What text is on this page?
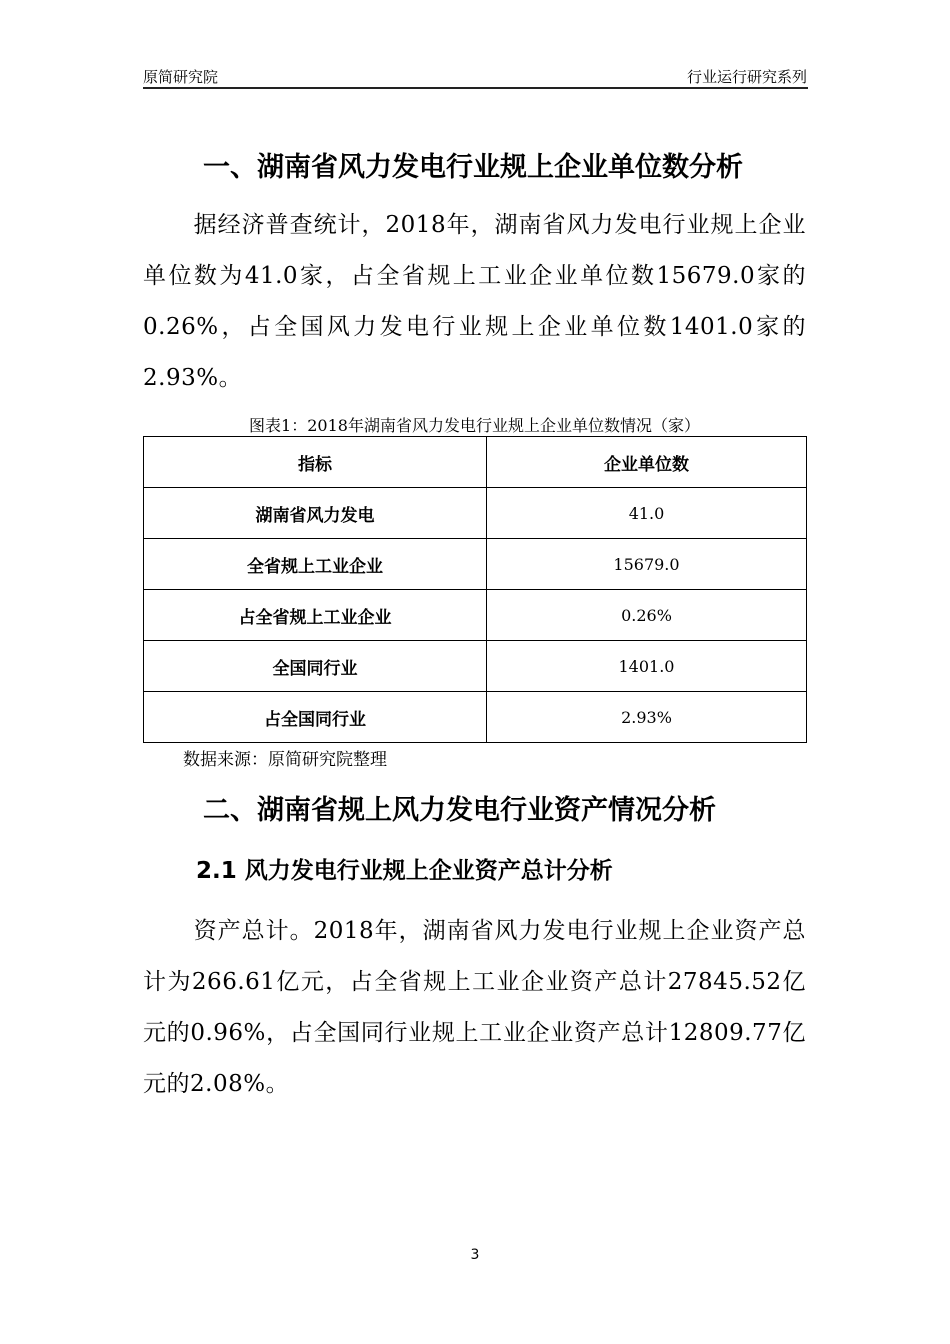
原简研究院	行业运行研究系列
一、湖南省风力发电行业规上企业单位数分析
据经济普查统计，2018年，湖南省风力发电行业规上企业单位数为41.0家，占全省规上工业企业单位数15679.0家的0.26%，占全国风力发电行业规上企业单位数1401.0家的2.93%。
图表1：2018年湖南省风力发电行业规上企业单位数情况（家）
指标	企业单位数
湖南省风力发电	41.0
全省规上工业企业	15679.0
占全省规上工业企业	0.26%
全国同行业	1401.0
占全国同行业	2.93%
数据来源：原简研究院整理
二、湖南省规上风力发电行业资产情况分析
2.1 风力发电行业规上企业资产总计分析
资产总计。2018年，湖南省风力发电行业规上企业资产总计为266.61亿元，占全省规上工业企业资产总计27845.52亿元的0.96%，占全国同行业规上工业企业资产总计12809.77亿元的2.08%。
3
